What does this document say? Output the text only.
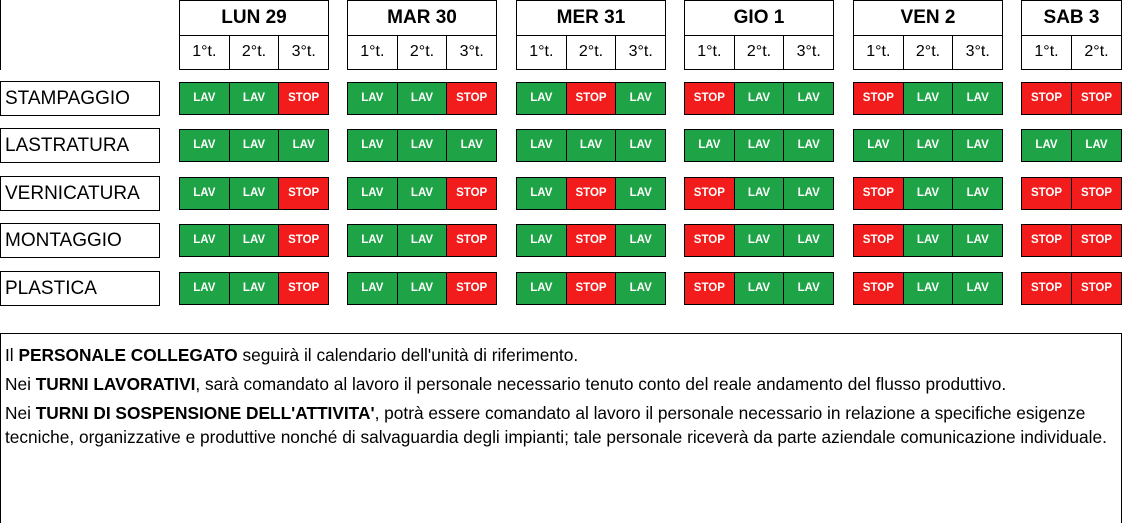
LUN 29
1°t.	2°t.	3°t.
MAR 30
1°t.	2°t.	3°t.
MER 31
1°t.	2°t.	3°t.
GIO 1
1°t.	2°t.	3°t.
VEN 2
1°t.	2°t.	3°t.
SAB 3
1°t.	2°t.
STAMPAGGIO	LAV	LAV	STOP	LAV	LAV	STOP	LAV	STOP	LAV	STOP	LAV	LAV	STOP	LAV	LAV	STOP	STOP
LASTRATURA	LAV	LAV	LAV	LAV	LAV	LAV	LAV	LAV	LAV	LAV	LAV	LAV	LAV	LAV	LAV	LAV	LAV
VERNICATURA	LAV	LAV	STOP	LAV	LAV	STOP	LAV	STOP	LAV	STOP	LAV	LAV	STOP	LAV	LAV	STOP	STOP
MONTAGGIO	LAV	LAV	STOP	LAV	LAV	STOP	LAV	STOP	LAV	STOP	LAV	LAV	STOP	LAV	LAV	STOP	STOP
PLASTICA	LAV	LAV	STOP	LAV	LAV	STOP	LAV	STOP	LAV	STOP	LAV	LAV	STOP	LAV	LAV	STOP	STOP

Il PERSONALE COLLEGATO seguirà il calendario dell'unità di riferimento.

Nei TURNI LAVORATIVI, sarà comandato al lavoro il personale necessario tenuto conto del reale andamento del flusso produttivo.

Nei TURNI DI SOSPENSIONE DELL'ATTIVITA', potrà essere comandato al lavoro il personale necessario in relazione a specifiche esigenze tecniche, organizzative e produttive nonché di salvaguardia degli impianti; tale personale riceverà da parte aziendale comunicazione individuale.
